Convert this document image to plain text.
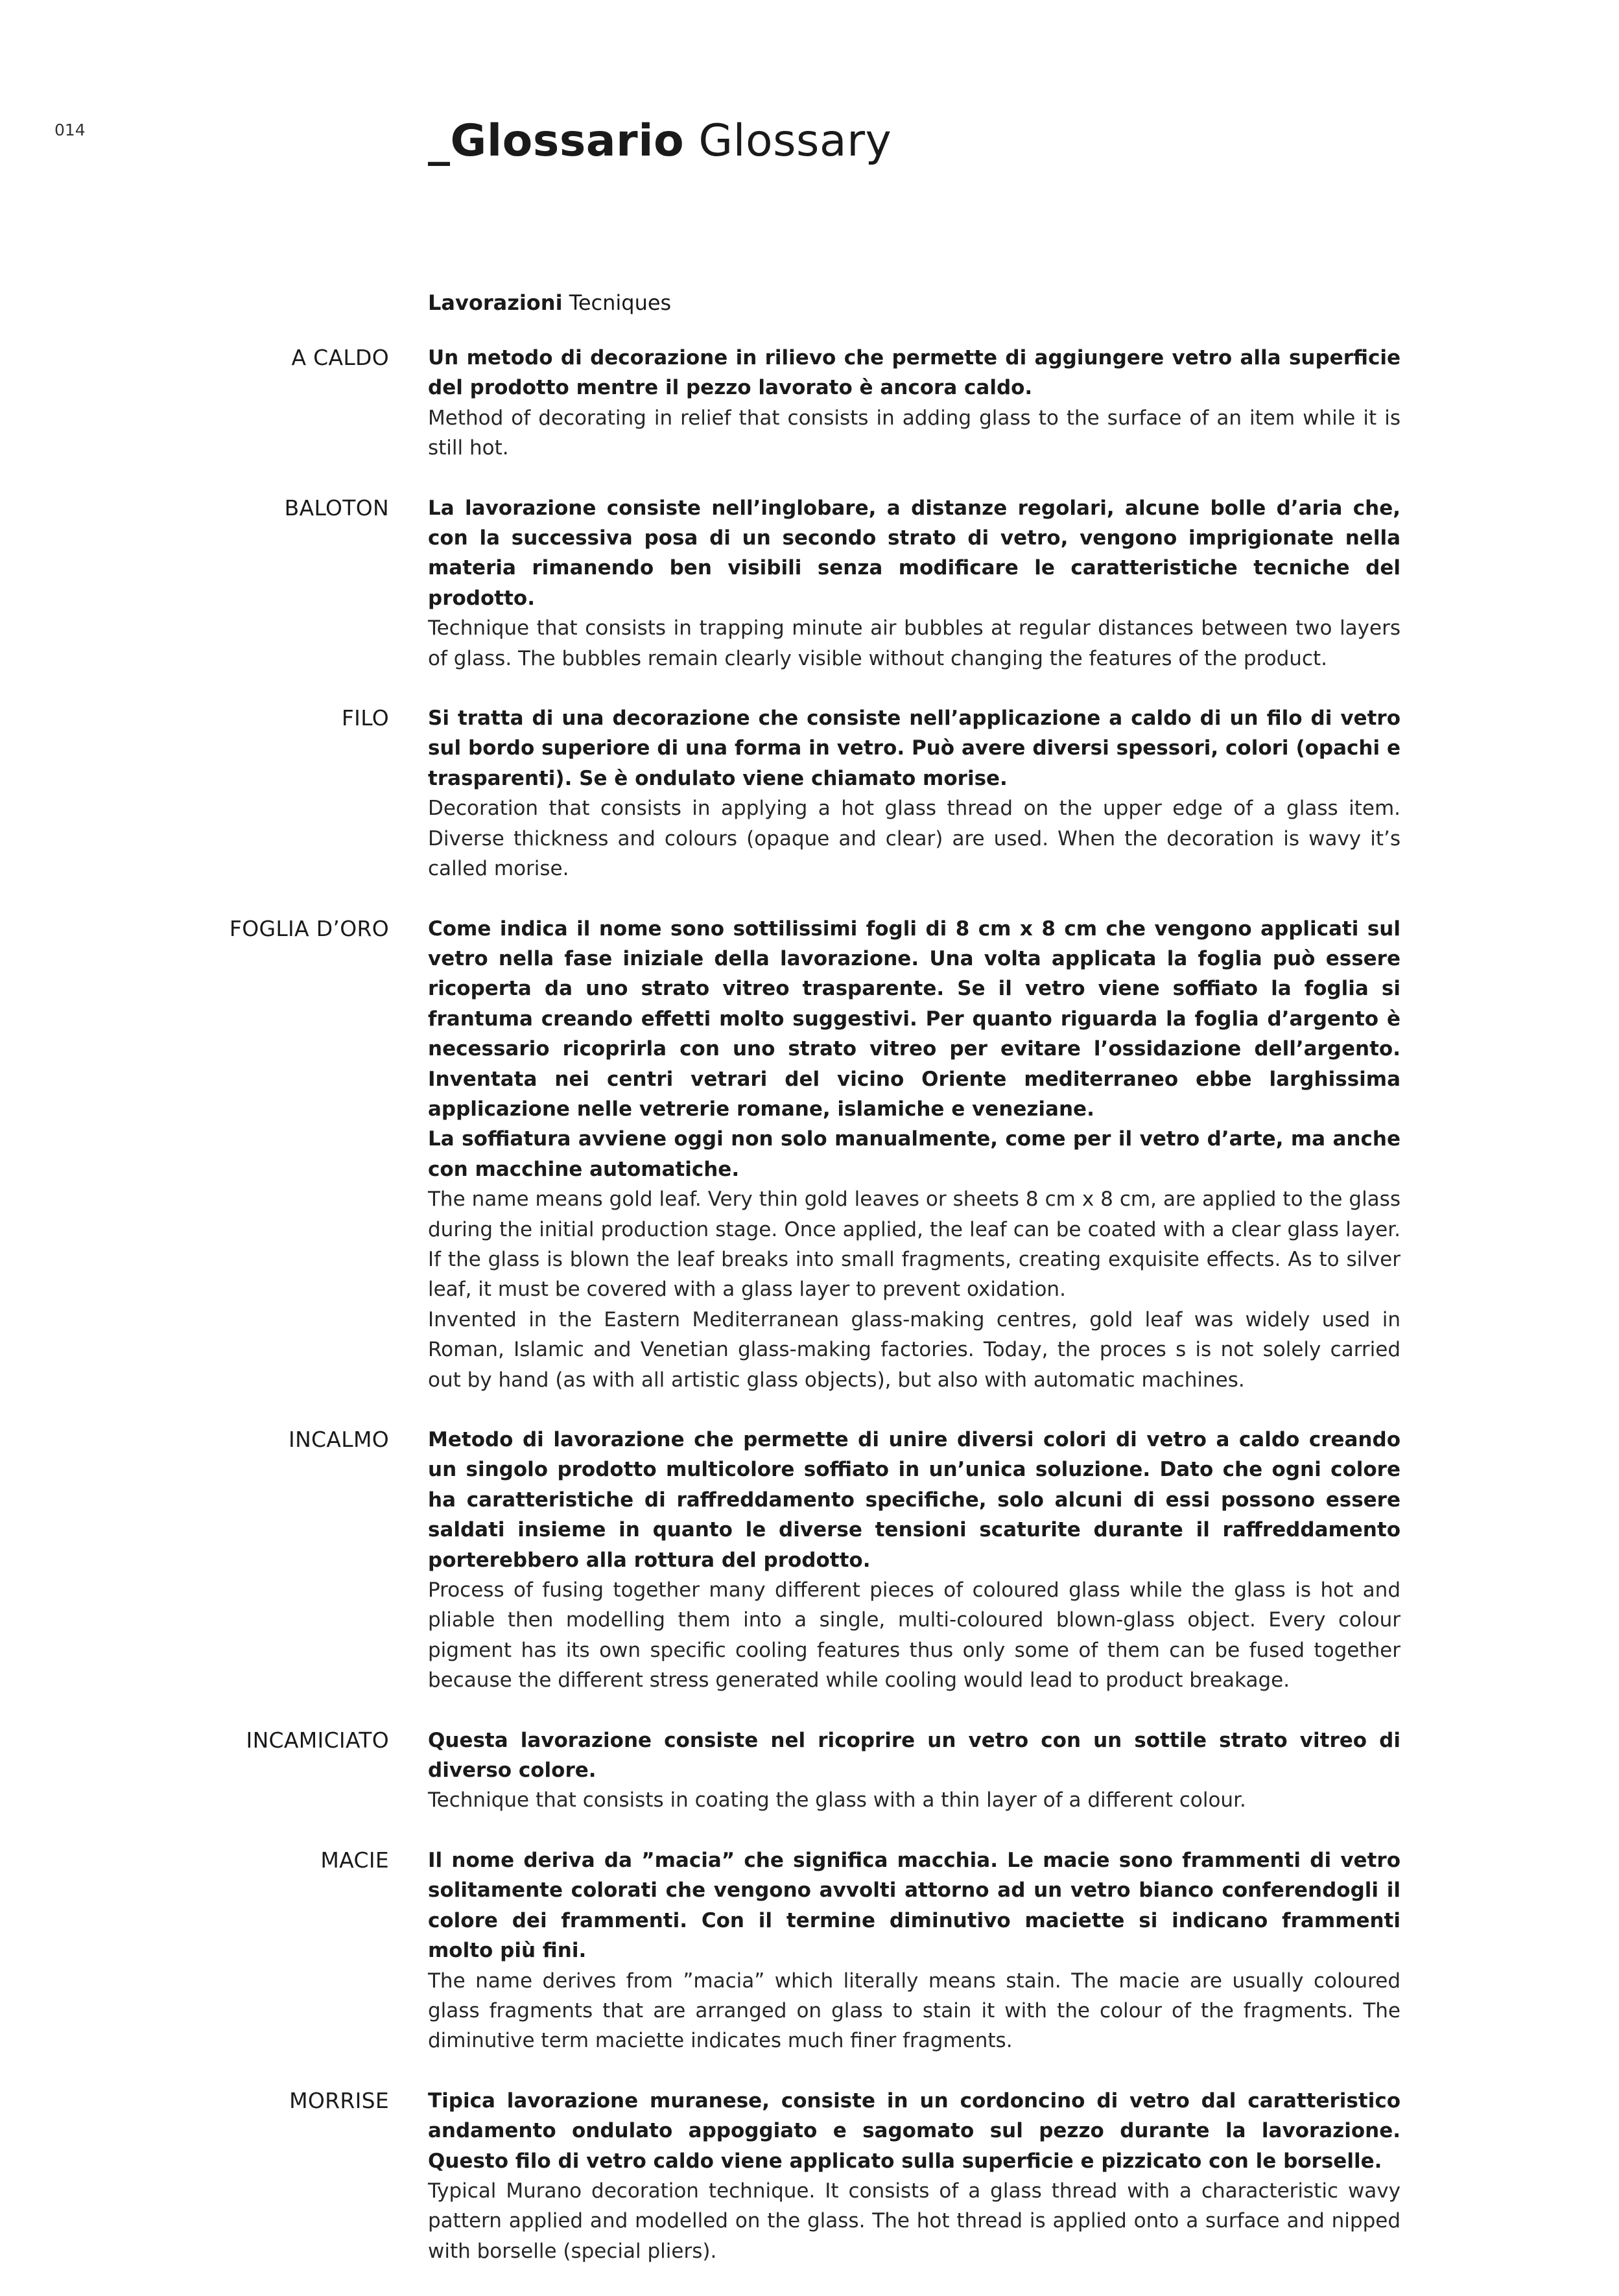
014	_Glossario Glossary
Lavorazioni Tecniques
A CALDO Un metodo di decorazione in rilievo che permette di aggiungere vetro alla superficie del prodotto mentre il pezzo lavorato è ancora caldo.

Method of decorating in relief that consists in adding glass to the surface of an item while it is still hot.

BALOTON La lavorazione consiste nell’inglobare, a distanze regolari, alcune bolle d’aria che, con la successiva posa di un secondo strato di vetro, vengono imprigionate nella materia rimanendo ben visibili senza modificare le caratteristiche tecniche del prodotto.

Technique that consists in trapping minute air bubbles at regular distances between two layers of glass. The bubbles remain clearly visible without changing the features of the product.

FILO Si tratta di una decorazione che consiste nell’applicazione a caldo di un filo di vetro sul bordo superiore di una forma in vetro. Può avere diversi spessori, colori (opachi e trasparenti). Se è ondulato viene chiamato morise.

Decoration that consists in applying a hot glass thread on the upper edge of a glass item. Diverse thickness and colours (opaque and clear) are used. When the decoration is wavy it’s called morise.

FOGLIA D’ORO Come indica il nome sono sottilissimi fogli di 8 cm x 8 cm che vengono applicati sul vetro nella fase iniziale della lavorazione. Una volta applicata la foglia può essere ricoperta da uno strato vitreo trasparente. Se il vetro viene soffiato la foglia si frantuma creando effetti molto suggestivi. Per quanto riguarda la foglia d’argento è necessario ricoprirla con uno strato vitreo per evitare l’ossidazione dell’argento. Inventata nei centri vetrari del vicino Oriente mediterraneo ebbe larghissima applicazione nelle vetrerie romane, islamiche e veneziane.

La soffiatura avviene oggi non solo manualmente, come per il vetro d’arte, ma anche con macchine automatiche.

The name means gold leaf. Very thin gold leaves or sheets 8 cm x 8 cm, are applied to the glass during the initial production stage. Once applied, the leaf can be coated with a clear glass layer. If the glass is blown the leaf breaks into small fragments, creating exquisite effects. As to silver leaf, it must be covered with a glass layer to prevent oxidation.

Invented in the Eastern Mediterranean glass-making centres, gold leaf was widely used in Roman, Islamic and Venetian glass-making factories. Today, the proces s is not solely carried out by hand (as with all artistic glass objects), but also with automatic machines.

INCALMO Metodo di lavorazione che permette di unire diversi colori di vetro a caldo creando un singolo prodotto multicolore soffiato in un’unica soluzione. Dato che ogni colore ha caratteristiche di raffreddamento specifiche, solo alcuni di essi possono essere saldati insieme in quanto le diverse tensioni scaturite durante il raffreddamento porterebbero alla rottura del prodotto.

Process of fusing together many different pieces of coloured glass while the glass is hot and pliable then modelling them into a single, multi-coloured blown-glass object. Every colour pigment has its own specific cooling features thus only some of them can be fused together because the different stress generated while cooling would lead to product breakage.

INCAMICIATO Questa lavorazione consiste nel ricoprire un vetro con un sottile strato vitreo di diverso colore.

Technique that consists in coating the glass with a thin layer of a different colour.

MACIE Il nome deriva da ”macia” che significa macchia. Le macie sono frammenti di vetro solitamente colorati che vengono avvolti attorno ad un vetro bianco conferendogli il colore dei frammenti. Con il termine diminutivo maciette si indicano frammenti molto più fini.

The name derives from ”macia” which literally means stain. The macie are usually coloured glass fragments that are arranged on glass to stain it with the colour of the fragments. The diminutive term maciette indicates much finer fragments.

MORRISE Tipica lavorazione muranese, consiste in un cordoncino di vetro dal caratteristico andamento ondulato appoggiato e sagomato sul pezzo durante la lavorazione. Questo filo di vetro caldo viene applicato sulla superficie e pizzicato con le borselle.

Typical Murano decoration technique. It consists of a glass thread with a characteristic wavy pattern applied and modelled on the glass. The hot thread is applied onto a surface and nipped with borselle (special pliers).
